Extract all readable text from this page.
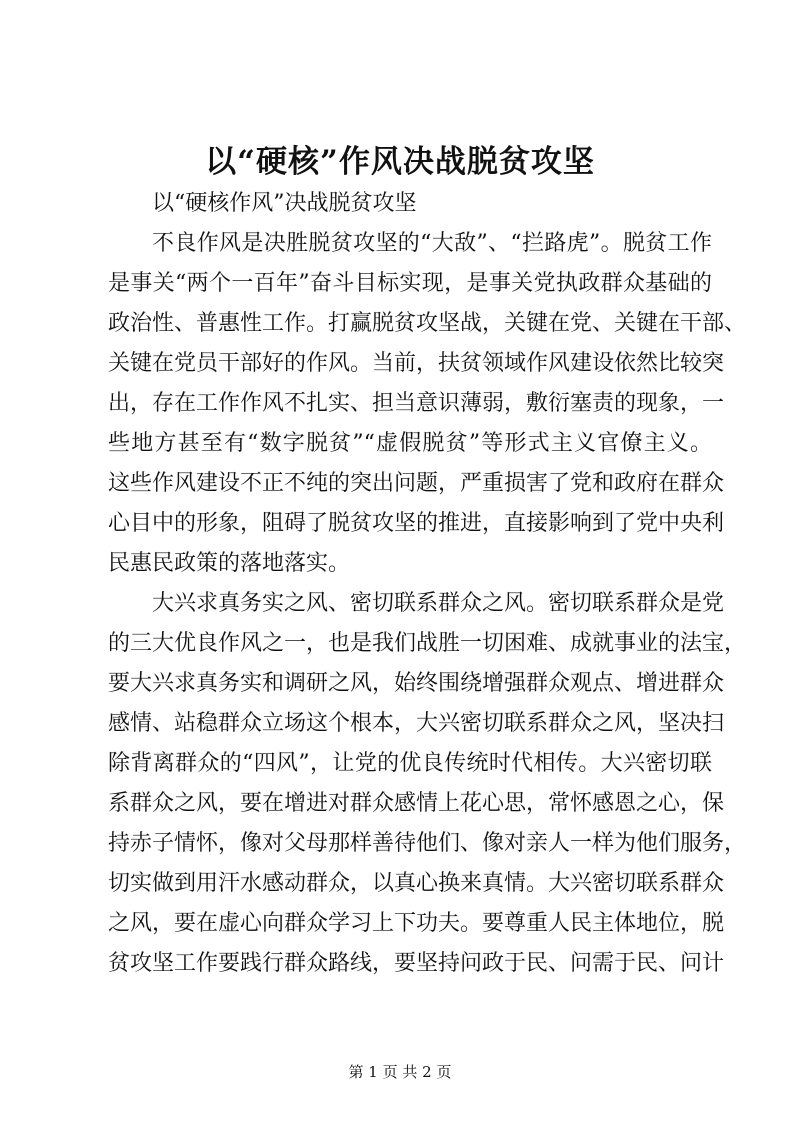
以“硬核”作风决战脱贫攻坚
以“硬核作风”决战脱贫攻坚
不良作风是决胜脱贫攻坚的“大敌”、“拦路虎”。脱贫工作
是事关“两个一百年”奋斗目标实现，是事关党执政群众基础的
政治性、普惠性工作。打赢脱贫攻坚战，关键在党、关键在干部、
关键在党员干部好的作风。当前，扶贫领域作风建设依然比较突
出，存在工作作风不扎实、担当意识薄弱，敷衍塞责的现象，一
些地方甚至有“数字脱贫”“虚假脱贫”等形式主义官僚主义。
这些作风建设不正不纯的突出问题，严重损害了党和政府在群众
心目中的形象，阻碍了脱贫攻坚的推进，直接影响到了党中央利
民惠民政策的落地落实。
大兴求真务实之风、密切联系群众之风。密切联系群众是党
的三大优良作风之一，也是我们战胜一切困难、成就事业的法宝，
要大兴求真务实和调研之风，始终围绕增强群众观点、增进群众
感情、站稳群众立场这个根本，大兴密切联系群众之风，坚决扫
除背离群众的“四风”，让党的优良传统时代相传。大兴密切联
系群众之风，要在增进对群众感情上花心思，常怀感恩之心，保
持赤子情怀，像对父母那样善待他们、像对亲人一样为他们服务，
切实做到用汗水感动群众，以真心换来真情。大兴密切联系群众
之风，要在虚心向群众学习上下功夫。要尊重人民主体地位，脱
贫攻坚工作要践行群众路线，要坚持问政于民、问需于民、问计
第 1 页 共 2 页
